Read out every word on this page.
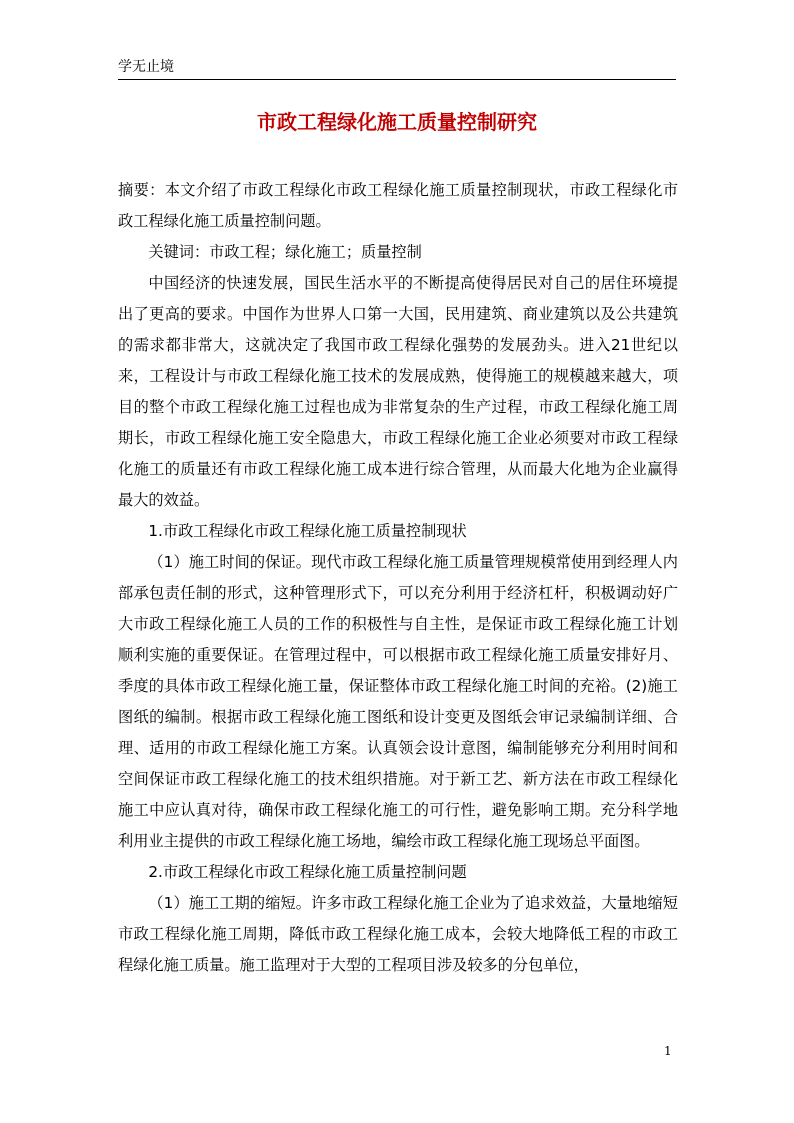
学无止境
市政工程绿化施工质量控制研究

摘要：本文介绍了市政工程绿化市政工程绿化施工质量控制现状，市政工程绿化市政工程绿化施工质量控制问题。

关键词：市政工程；绿化施工；质量控制

中国经济的快速发展，国民生活水平的不断提高使得居民对自己的居住环境提出了更高的要求。中国作为世界人口第一大国，民用建筑、商业建筑以及公共建筑的需求都非常大，这就决定了我国市政工程绿化强势的发展劲头。进入21世纪以来，工程设计与市政工程绿化施工技术的发展成熟，使得施工的规模越来越大，项目的整个市政工程绿化施工过程也成为非常复杂的生产过程，市政工程绿化施工周期长，市政工程绿化施工安全隐患大，市政工程绿化施工企业必须要对市政工程绿化施工的质量还有市政工程绿化施工成本进行综合管理，从而最大化地为企业赢得最大的效益。

1.市政工程绿化市政工程绿化施工质量控制现状

（1）施工时间的保证。现代市政工程绿化施工质量管理规模常使用到经理人内部承包责任制的形式，这种管理形式下，可以充分利用于经济杠杆，积极调动好广大市政工程绿化施工人员的工作的积极性与自主性，是保证市政工程绿化施工计划顺利实施的重要保证。在管理过程中，可以根据市政工程绿化施工质量安排好月、季度的具体市政工程绿化施工量，保证整体市政工程绿化施工时间的充裕。(2)施工图纸的编制。根据市政工程绿化施工图纸和设计变更及图纸会审记录编制详细、合理、适用的市政工程绿化施工方案。认真领会设计意图，编制能够充分利用时间和空间保证市政工程绿化施工的技术组织措施。对于新工艺、新方法在市政工程绿化施工中应认真对待，确保市政工程绿化施工的可行性，避免影响工期。充分科学地利用业主提供的市政工程绿化施工场地，编绘市政工程绿化施工现场总平面图。

2.市政工程绿化市政工程绿化施工质量控制问题

（1）施工工期的缩短。许多市政工程绿化施工企业为了追求效益，大量地缩短市政工程绿化施工周期，降低市政工程绿化施工成本，会较大地降低工程的市政工程绿化施工质量。施工监理对于大型的工程项目涉及较多的分包单位，

1
